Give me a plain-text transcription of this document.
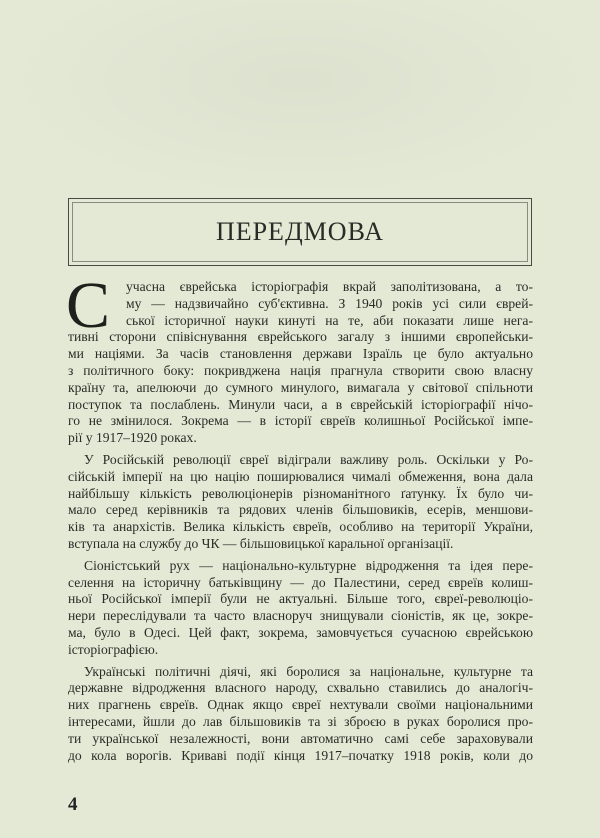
ПЕРЕДМОВА
С	учасна єврейська історіографія вкрай заполітизована, а то-
му — надзвичайно суб'єктивна. З 1940 років усі сили єврей-
ської історичної науки кинуті на те, аби показати лише нега-
тивні сторони співіснування єврейського загалу з іншими європейськи-
ми націями. За часів становлення держави Ізраїль це було актуально
з політичного боку: покривджена нація прагнула створити свою власну
країну та, апелюючи до сумного минулого, вимагала у світової спільноти
поступок та послаблень. Минули часи, а в єврейській історіографії нічо-
го не змінилося. Зокрема — в історії євреїв колишньої Російської імпе-
рії у 1917–1920 роках.
У Російській революції євреї відіграли важливу роль. Оскільки у Ро-
сійській імперії на цю націю поширювалися чималі обмеження, вона дала
найбільшу кількість революціонерів різноманітного ґатунку. Їх було чи-
мало серед керівників та рядових членів більшовиків, есерів, меншови-
ків та анархістів. Велика кількість євреїв, особливо на території України,
вступала на службу до ЧК — більшовицької каральної організації.
Сіоністський рух — національно-культурне відродження та ідея пере-
селення на історичну батьківщину — до Палестини, серед євреїв колиш-
ньої Російської імперії були не актуальні. Більше того, євреї-революціо-
нери переслідували та часто власноруч знищували сіоністів, як це, зокре-
ма, було в Одесі. Цей факт, зокрема, замовчується сучасною єврейською
історіографією.
Українські політичні діячі, які боролися за національне, культурне та
державне відродження власного народу, схвально ставились до аналогіч-
них прагнень євреїв. Однак якщо євреї нехтували своїми національними
інтересами, йшли до лав більшовиків та зі зброєю в руках боролися про-
ти української незалежності, вони автоматично самі себе зараховували
до кола ворогів. Криваві події кінця 1917–початку 1918 років, коли до
4
